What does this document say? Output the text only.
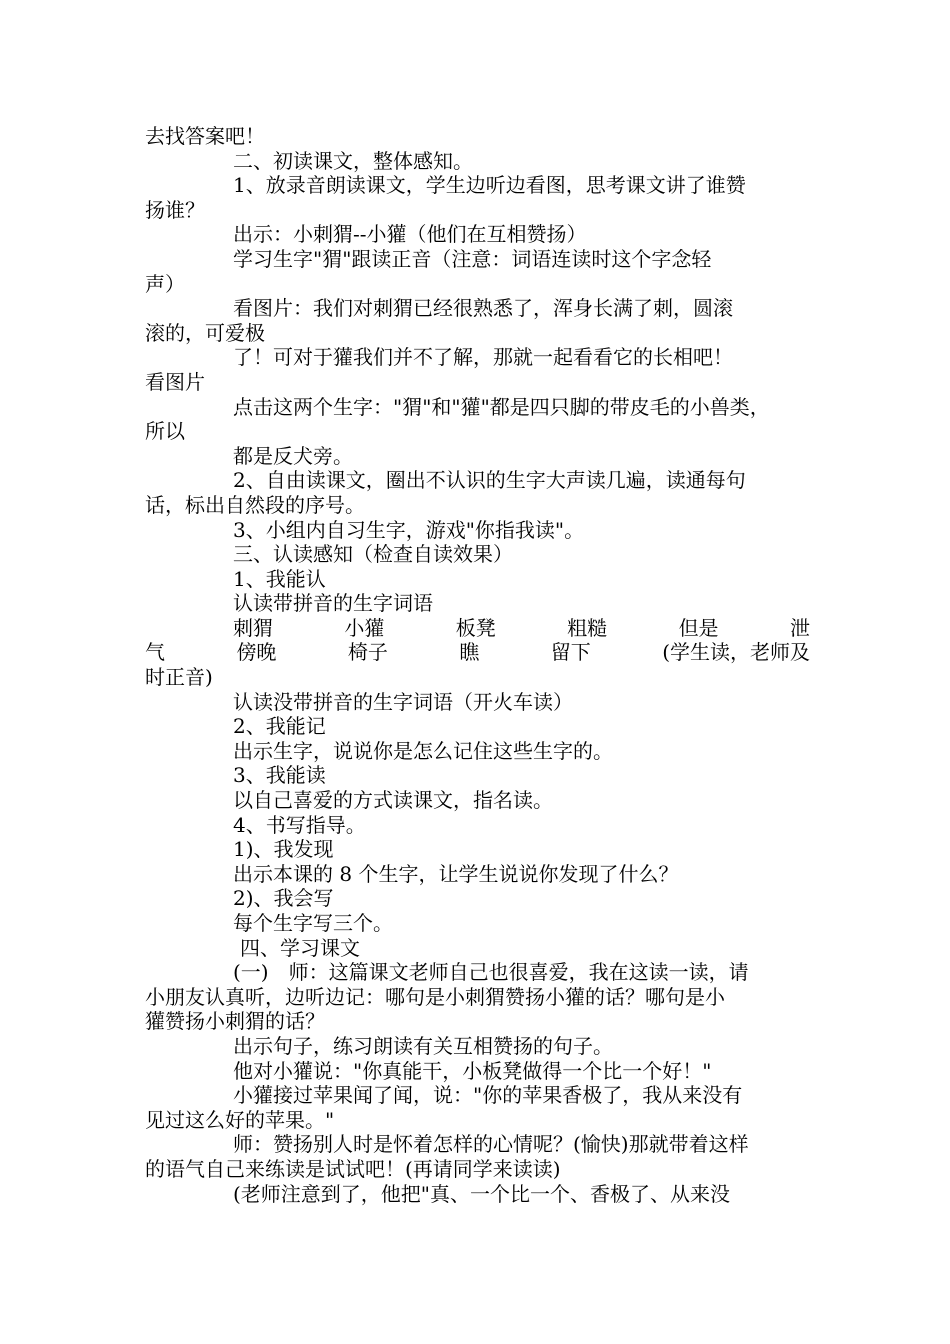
去找答案吧！
二、初读课文，整体感知。
1、放录音朗读课文，学生边听边看图，思考课文讲了谁赞
扬谁？
出示：小刺猬--小獾（他们在互相赞扬）
学习生字"猬"跟读正音（注意：词语连读时这个字念轻
声）
看图片：我们对刺猬已经很熟悉了，浑身长满了刺，圆滚
滚的，可爱极
了！可对于獾我们并不了解，那就一起看看它的长相吧！
看图片
点击这两个生字："猬"和"獾"都是四只脚的带皮毛的小兽类，
所以
都是反犬旁。
2、自由读课文，圈出不认识的生字大声读几遍，读通每句
话，标出自然段的序号。
3、小组内自习生字，游戏"你指我读"。
三、认读感知（检查自读效果）
1、我能认
认读带拼音的生字词语
刺猬	小獾	板凳	粗糙	但是	泄
气	傍晚	椅子	瞧	留下	(学生读，老师及
时正音)
认读没带拼音的生字词语（开火车读）
2、我能记
出示生字，说说你是怎么记住这些生字的。
3、我能读
以自己喜爱的方式读课文，指名读。
4、书写指导。
1)、我发现
出示本课的 8 个生字，让学生说说你发现了什么？
2)、我会写
每个生字写三个。
四、学习课文
(一)　师：这篇课文老师自己也很喜爱，我在这读一读，请
小朋友认真听，边听边记：哪句是小刺猬赞扬小獾的话？哪句是小
獾赞扬小刺猬的话？
出示句子，练习朗读有关互相赞扬的句子。
他对小獾说："你真能干，小板凳做得一个比一个好！"
小獾接过苹果闻了闻，说："你的苹果香极了，我从来没有
见过这么好的苹果。"
师：赞扬别人时是怀着怎样的心情呢？(愉快)那就带着这样
的语气自己来练读是试试吧！(再请同学来读读)
(老师注意到了，他把"真、一个比一个、香极了、从来没
